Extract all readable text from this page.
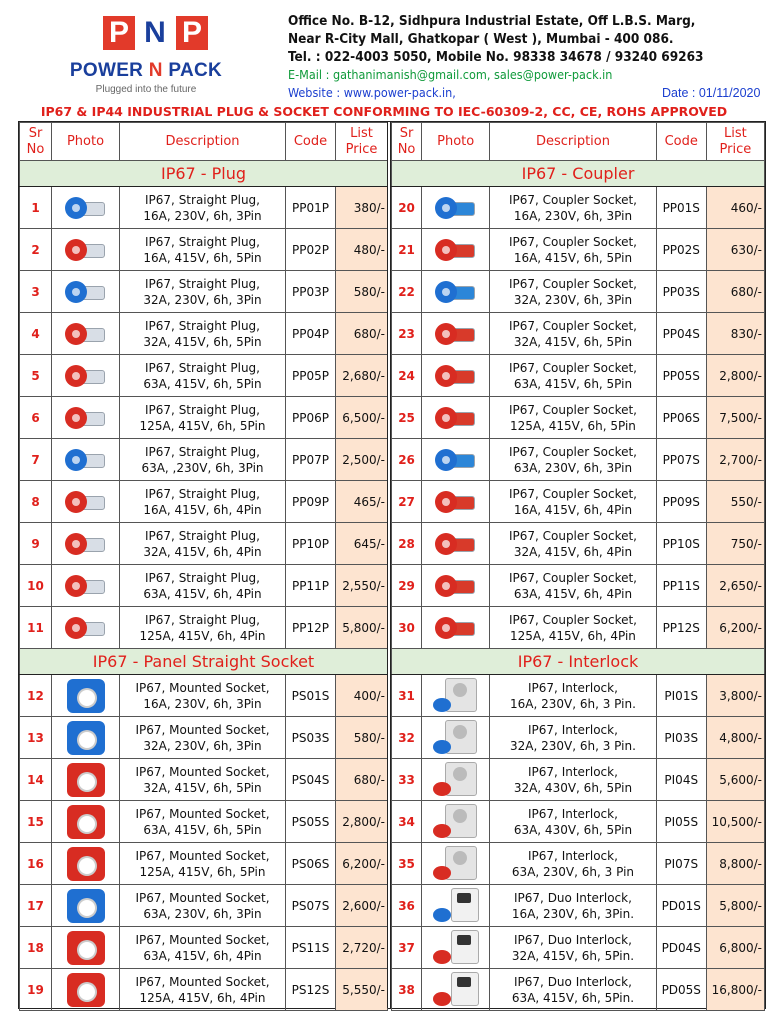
P N P
POWER N PACK
Plugged into the future
Office No. B-12, Sidhpura Industrial Estate, Off L.B.S. Marg,
Near R-City Mall, Ghatkopar ( West ), Mumbai - 400 086.
Tel. : 022-4003 5050, Mobile No. 98338 34678 / 93240 69263
E-Mail : gathanimanish@gmail.com, sales@power-pack.in
Website : www.power-pack.in,	Date : 01/11/2020
IP67 & IP44 INDUSTRIAL PLUG & SOCKET CONFORMING TO IEC-60309-2, CC, CE, ROHS APPROVED
Sr
No	Photo	Description	Code	List
Price
IP67 - Plug				
1		IP67, Straight Plug,
16A, 230V, 6h, 3Pin	PP01P	380/-
2		IP67, Straight Plug,
16A, 415V, 6h, 5Pin	PP02P	480/-
3		IP67, Straight Plug,
32A, 230V, 6h, 3Pin	PP03P	580/-
4		IP67, Straight Plug,
32A, 415V, 6h, 5Pin	PP04P	680/-
5		IP67, Straight Plug,
63A, 415V, 6h, 5Pin	PP05P	2,680/-
6		IP67, Straight Plug,
125A, 415V, 6h, 5Pin	PP06P	6,500/-
7		IP67, Straight Plug,
63A, ,230V, 6h, 3Pin	PP07P	2,500/-
8		IP67, Straight Plug,
16A, 415V, 6h, 4Pin	PP09P	465/-
9		IP67, Straight Plug,
32A, 415V, 6h, 4Pin	PP10P	645/-
10		IP67, Straight Plug,
63A, 415V, 6h, 4Pin	PP11P	2,550/-
11		IP67, Straight Plug,
125A, 415V, 6h, 4Pin	PP12P	5,800/-
IP67 - Panel Straight Socket				
12		IP67, Mounted Socket,
16A, 230V, 6h, 3Pin	PS01S	400/-
13		IP67, Mounted Socket,
32A, 230V, 6h, 3Pin	PS03S	580/-
14		IP67, Mounted Socket,
32A, 415V, 6h, 5Pin	PS04S	680/-
15		IP67, Mounted Socket,
63A, 415V, 6h, 5Pin	PS05S	2,800/-
16		IP67, Mounted Socket,
125A, 415V, 6h, 5Pin	PS06S	6,200/-
17		IP67, Mounted Socket,
63A, 230V, 6h, 3Pin	PS07S	2,600/-
18		IP67, Mounted Socket,
63A, 415V, 6h, 4Pin	PS11S	2,720/-
19		IP67, Mounted Socket,
125A, 415V, 6h, 4Pin	PS12S	5,550/-
Sr
No	Photo	Description	Code	List
Price
IP67 - Coupler				
20		IP67, Coupler Socket,
16A, 230V, 6h, 3Pin	PP01S	460/-
21		IP67, Coupler Socket,
16A, 415V, 6h, 5Pin	PP02S	630/-
22		IP67, Coupler Socket,
32A, 230V, 6h, 3Pin	PP03S	680/-
23		IP67, Coupler Socket,
32A, 415V, 6h, 5Pin	PP04S	830/-
24		IP67, Coupler Socket,
63A, 415V, 6h, 5Pin	PP05S	2,800/-
25		IP67, Coupler Socket,
125A, 415V, 6h, 5Pin	PP06S	7,500/-
26		IP67, Coupler Socket,
63A, 230V, 6h, 3Pin	PP07S	2,700/-
27		IP67, Coupler Socket,
16A, 415V, 6h, 4Pin	PP09S	550/-
28		IP67, Coupler Socket,
32A, 415V, 6h, 4Pin	PP10S	750/-
29		IP67, Coupler Socket,
63A, 415V, 6h, 4Pin	PP11S	2,650/-
30		IP67, Coupler Socket,
125A, 415V, 6h, 4Pin	PP12S	6,200/-
IP67 - Interlock				
31		IP67, Interlock,
16A, 230V, 6h, 3 Pin.	PI01S	3,800/-
32		IP67, Interlock,
32A, 230V, 6h, 3 Pin.	PI03S	4,800/-
33		IP67, Interlock,
32A, 430V, 6h, 5Pin	PI04S	5,600/-
34		IP67, Interlock,
63A, 430V, 6h, 5Pin	PI05S	10,500/-
35		IP67, Interlock,
63A, 230V, 6h, 3 Pin	PI07S	8,800/-
36		IP67, Duo Interlock,
16A, 230V, 6h, 3Pin.	PD01S	5,800/-
37		IP67, Duo Interlock,
32A, 415V, 6h, 5Pin.	PD04S	6,800/-
38		IP67, Duo Interlock,
63A, 415V, 6h, 5Pin.	PD05S	16,800/-
